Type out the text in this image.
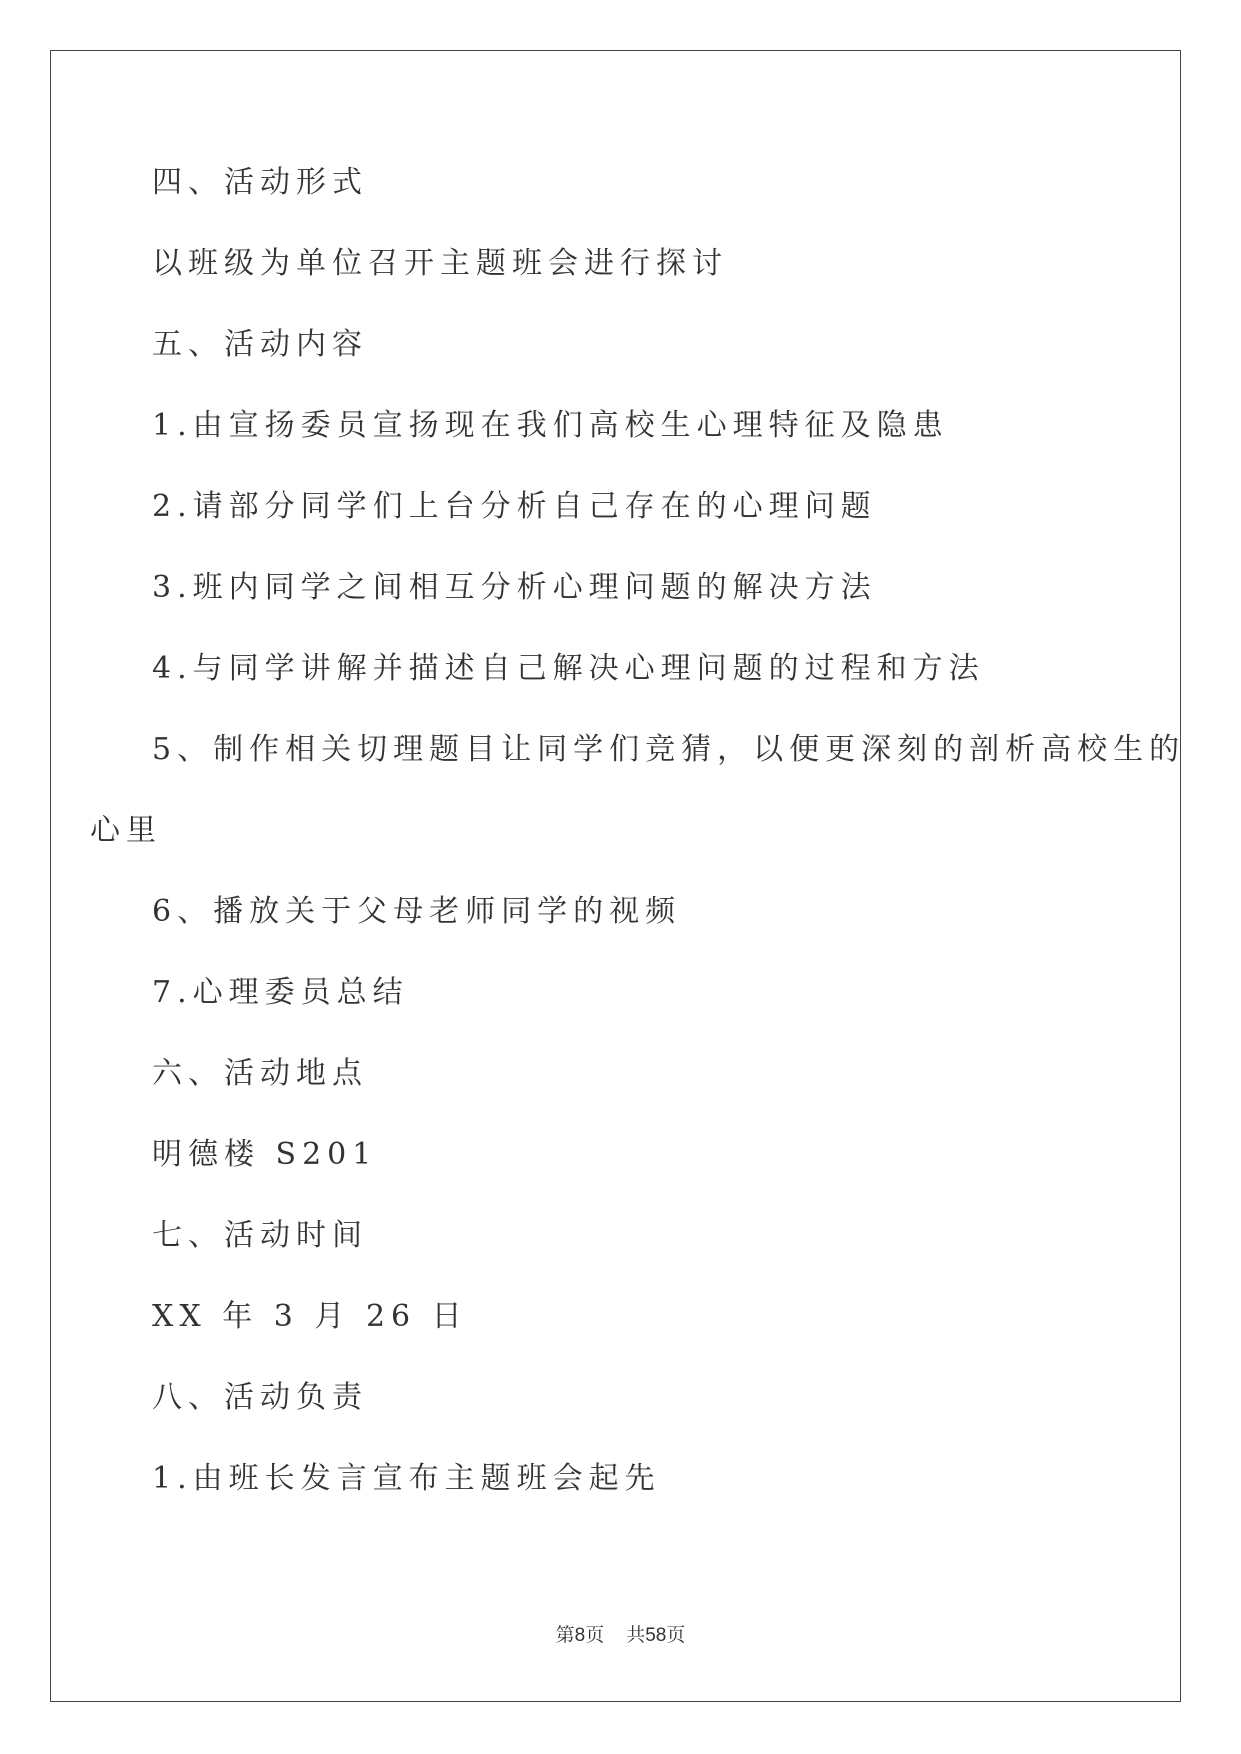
四、活动形式
以班级为单位召开主题班会进行探讨
五、活动内容
1.由宣扬委员宣扬现在我们高校生心理特征及隐患
2.请部分同学们上台分析自己存在的心理问题
3.班内同学之间相互分析心理问题的解决方法
4.与同学讲解并描述自己解决心理问题的过程和方法
5、制作相关切理题目让同学们竞猜，以便更深刻的剖析高校生的
心里
6、播放关于父母老师同学的视频
7.心理委员总结
六、活动地点
明德楼 S201
七、活动时间
XX 年 3 月 26 日
八、活动负责
1.由班长发言宣布主题班会起先
第8页 共58页
